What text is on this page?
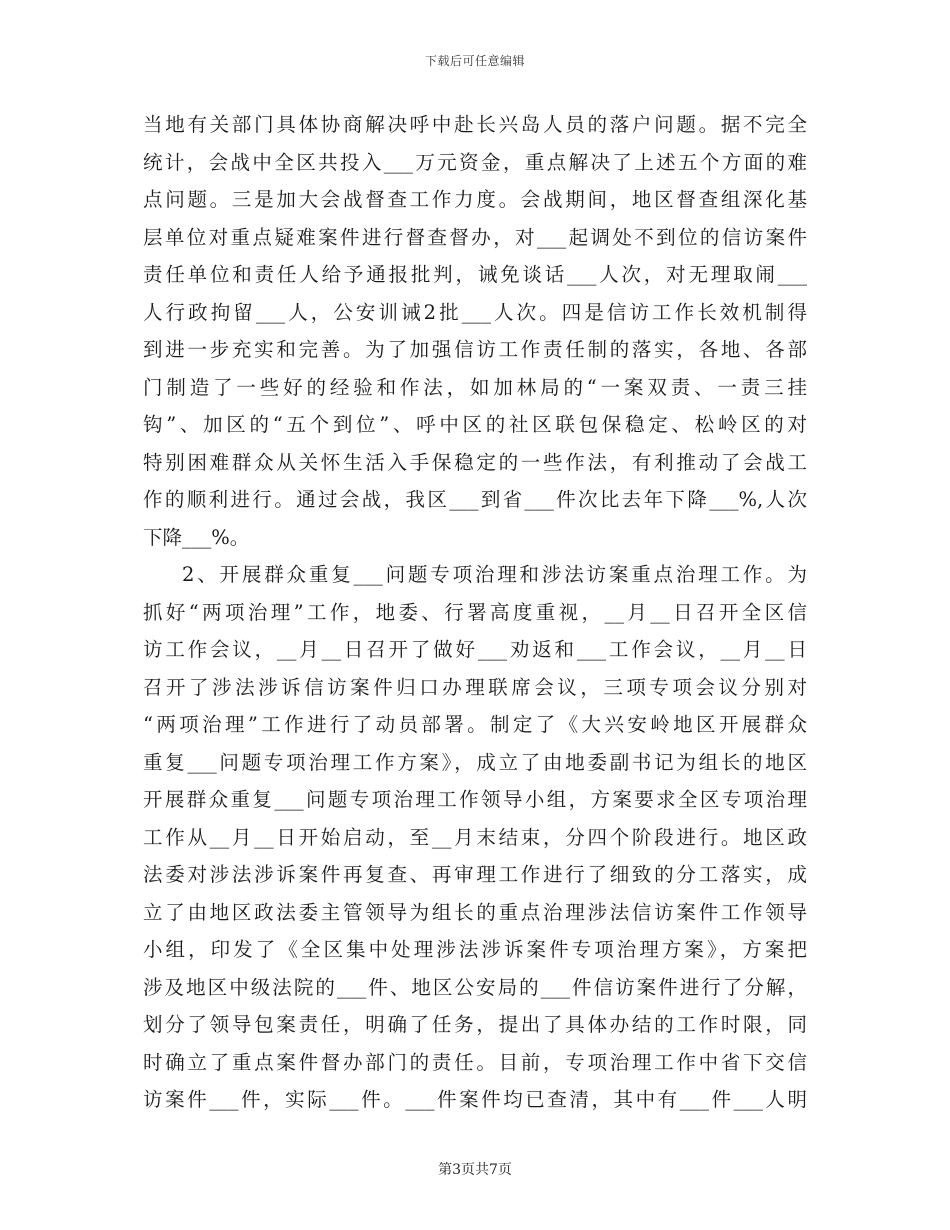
下载后可任意编辑
当地有关部门具体协商解决呼中赴长兴岛人员的落户问题。据不完全
统计，会战中全区共投入___万元资金，重点解决了上述五个方面的难
点问题。三是加大会战督查工作力度。会战期间，地区督查组深化基
层单位对重点疑难案件进行督查督办，对___起调处不到位的信访案件
责任单位和责任人给予通报批判，诫免谈话___人次，对无理取闹___
人行政拘留___人，公安训诫2批___人次。四是信访工作长效机制得
到进一步充实和完善。为了加强信访工作责任制的落实，各地、各部
门制造了一些好的经验和作法，如加林局的“一案双责、一责三挂
钩”、加区的“五个到位”、呼中区的社区联包保稳定、松岭区的对
特别困难群众从关怀生活入手保稳定的一些作法，有利推动了会战工
作的顺利进行。通过会战，我区___到省___件次比去年下降___%,人次
下降___%。
2、开展群众重复___问题专项治理和涉法访案重点治理工作。为
抓好“两项治理”工作，地委、行署高度重视，__月__日召开全区信
访工作会议，__月__日召开了做好___劝返和___工作会议，__月__日
召开了涉法涉诉信访案件归口办理联席会议，三项专项会议分别对
“两项治理”工作进行了动员部署。制定了《大兴安岭地区开展群众
重复___问题专项治理工作方案》，成立了由地委副书记为组长的地区
开展群众重复___问题专项治理工作领导小组，方案要求全区专项治理
工作从__月__日开始启动，至__月末结束，分四个阶段进行。地区政
法委对涉法涉诉案件再复查、再审理工作进行了细致的分工落实，成
立了由地区政法委主管领导为组长的重点治理涉法信访案件工作领导
小组，印发了《全区集中处理涉法涉诉案件专项治理方案》，方案把
涉及地区中级法院的___件、地区公安局的___件信访案件进行了分解，
划分了领导包案责任，明确了任务，提出了具体办结的工作时限，同
时确立了重点案件督办部门的责任。目前，专项治理工作中省下交信
访案件___件，实际___件。___件案件均已查清，其中有___件___人明
第3页共7页
